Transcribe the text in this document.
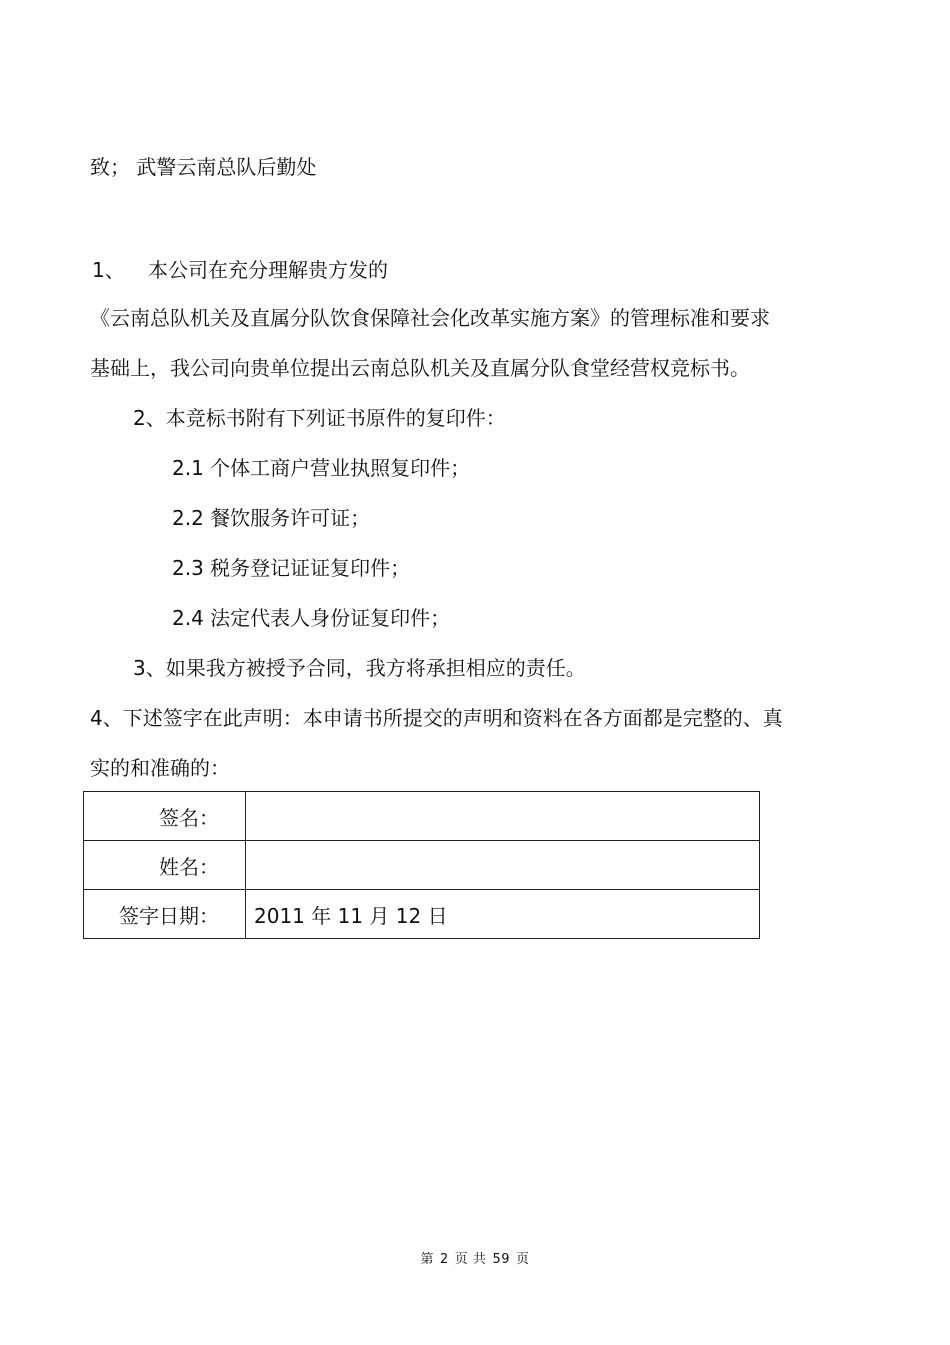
致； 武警云南总队后勤处
1、 本公司在充分理解贵方发的
《云南总队机关及直属分队饮食保障社会化改革实施方案》的管理标准和要求
基础上，我公司向贵单位提出云南总队机关及直属分队食堂经营权竞标书。
2、本竞标书附有下列证书原件的复印件：
2.1 个体工商户营业执照复印件；
2.2 餐饮服务许可证；
2.3 税务登记证证复印件；
2.4 法定代表人身份证复印件；
3、如果我方被授予合同，我方将承担相应的责任。
4、下述签字在此声明：本申请书所提交的声明和资料在各方面都是完整的、真
实的和准确的：
签名：	
姓名：	
签字日期：	2011 年 11 月 12 日
第 2 页 共 59 页
